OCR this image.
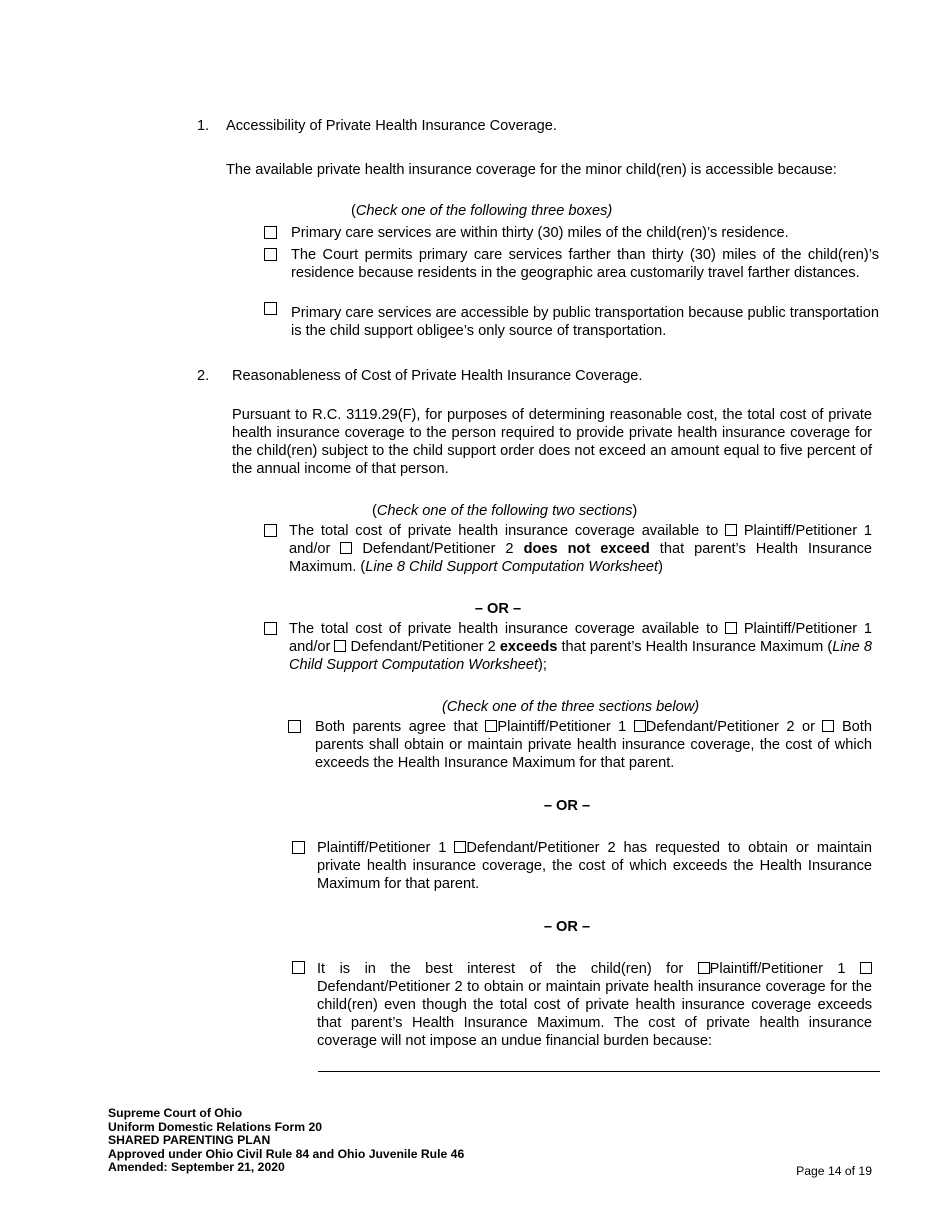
1. Accessibility of Private Health Insurance Coverage.
The available private health insurance coverage for the minor child(ren) is accessible because:
(Check one of the following three boxes)
Primary care services are within thirty (30) miles of the child(ren)’s residence.
The Court permits primary care services farther than thirty (30) miles of the child(ren)’s residence because residents in the geographic area customarily travel farther distances.
Primary care services are accessible by public transportation because public transportation is the child support obligee’s only source of transportation.
2. Reasonableness of Cost of Private Health Insurance Coverage.
Pursuant to R.C. 3119.29(F), for purposes of determining reasonable cost, the total cost of private health insurance coverage to the person required to provide private health insurance coverage for the child(ren) subject to the child support order does not exceed an amount equal to five percent of the annual income of that person.
(Check one of the following two sections)
The total cost of private health insurance coverage available to Plaintiff/Petitioner 1 and/or Defendant/Petitioner 2 does not exceed that parent’s Health Insurance Maximum. (Line 8 Child Support Computation Worksheet)
– OR –
The total cost of private health insurance coverage available to Plaintiff/Petitioner 1 and/or Defendant/Petitioner 2 exceeds that parent’s Health Insurance Maximum (Line 8 Child Support Computation Worksheet);
(Check one of the three sections below)
Both parents agree that Plaintiff/Petitioner 1 Defendant/Petitioner 2 or Both parents shall obtain or maintain private health insurance coverage, the cost of which exceeds the Health Insurance Maximum for that parent.
– OR –
Plaintiff/Petitioner 1 Defendant/Petitioner 2 has requested to obtain or maintain private health insurance coverage, the cost of which exceeds the Health Insurance Maximum for that parent.
– OR –
It is in the best interest of the child(ren) for Plaintiff/Petitioner 1 Defendant/Petitioner 2 to obtain or maintain private health insurance coverage for the child(ren) even though the total cost of private health insurance coverage exceeds that parent’s Health Insurance Maximum. The cost of private health insurance coverage will not impose an undue financial burden because:
Supreme Court of Ohio
Uniform Domestic Relations Form 20
SHARED PARENTING PLAN
Approved under Ohio Civil Rule 84 and Ohio Juvenile Rule 46
Amended: September 21, 2020	Page 14 of 19
